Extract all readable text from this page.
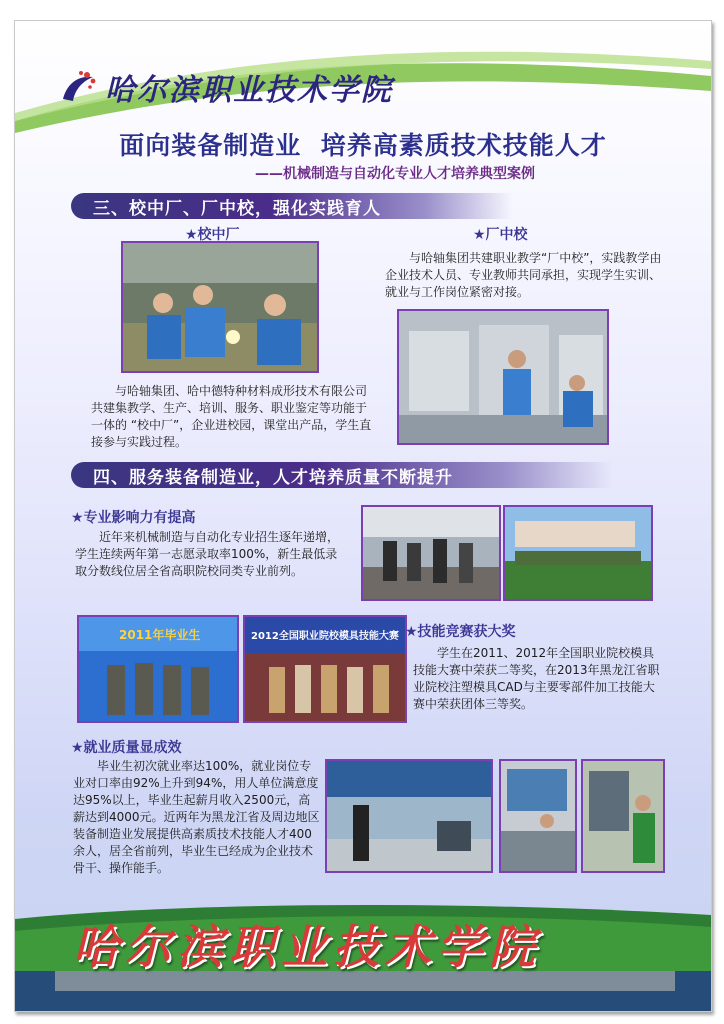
哈尔滨职业技术学院
面向装备制造业  培养高素质技术技能人才
——机械制造与自动化专业人才培养典型案例
三、校中厂、厂中校，强化实践育人
★校中厂	★厂中校
与哈轴集团共建职业教学“厂中校”，实践教学由企业技术人员、专业教师共同承担，实现学生实训、就业与工作岗位紧密对接。
与哈轴集团、哈中德特种材料成形技术有限公司共建集教学、生产、培训、服务、职业鉴定等功能于一体的 “校中厂”，企业进校园，课堂出产品，学生直接参与实践过程。
四、服务装备制造业，人才培养质量不断提升
★专业影响力有提高
近年来机械制造与自动化专业招生逐年递增，学生连续两年第一志愿录取率100%，新生最低录取分数线位居全省高职院校同类专业前列。
2011年毕业生	2012全国职业院校模具技能大赛 ★技能竞赛获大奖
学生在2011、2012年全国职业院校模具技能大赛中荣获二等奖，在2013年黑龙江省职业院校注塑模具CAD与主要零部件加工技能大赛中荣获团体三等奖。
★就业质量显成效
毕业生初次就业率达100%，就业岗位专业对口率由92%上升到94%，用人单位满意度达95%以上，毕业生起薪月收入2500元，高薪达到4000元。近两年为黑龙江省及周边地区装备制造业发展提供高素质技术技能人才400余人，居全省前列，毕业生已经成为企业技术骨干、操作能手。
哈尔滨职业技术学院
